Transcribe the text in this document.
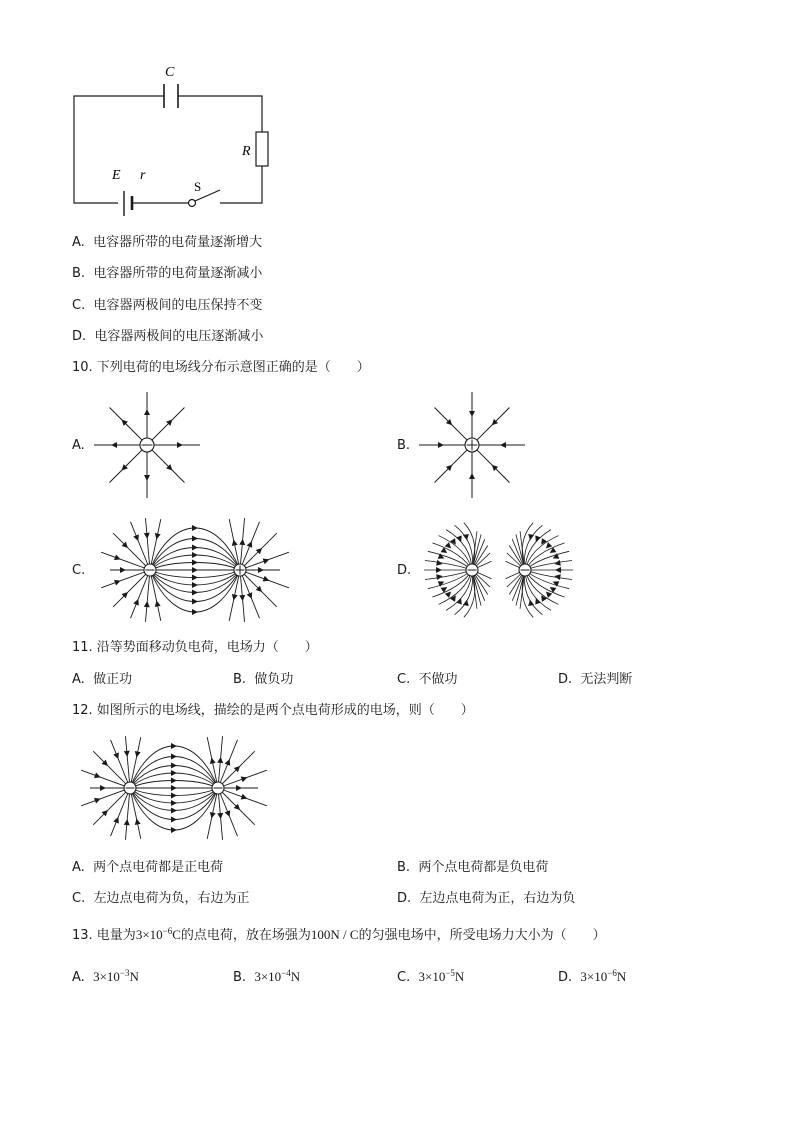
C
R
E r
S
A. 电容器所带的电荷量逐渐增大
B. 电容器所带的电荷量逐渐减小
C. 电容器两极间的电压保持不变
D. 电容器两极间的电压逐渐减小
10. 下列电荷的电场线分布示意图正确的是（　　）
A.	B.
C.	D.
11. 沿等势面移动负电荷，电场力（　　）
A. 做正功	B. 做负功	C. 不做功	D. 无法判断
12. 如图所示的电场线，描绘的是两个点电荷形成的电场，则（　　）
A. 两个点电荷都是正电荷	B. 两个点电荷都是负电荷
C. 左边点电荷为负，右边为正	D. 左边点电荷为正，右边为负
13. 电量为$3\times 10^{-6}C$的点电荷，放在场强为100N / C的匀强电场中，所受电场力大小为（　　）
A. $3\times 10^{-3}N$	B. $3\times 10^{-4}N$	C. $3\times 10^{-5}N$	D. $3\times 10^{-6}N$
